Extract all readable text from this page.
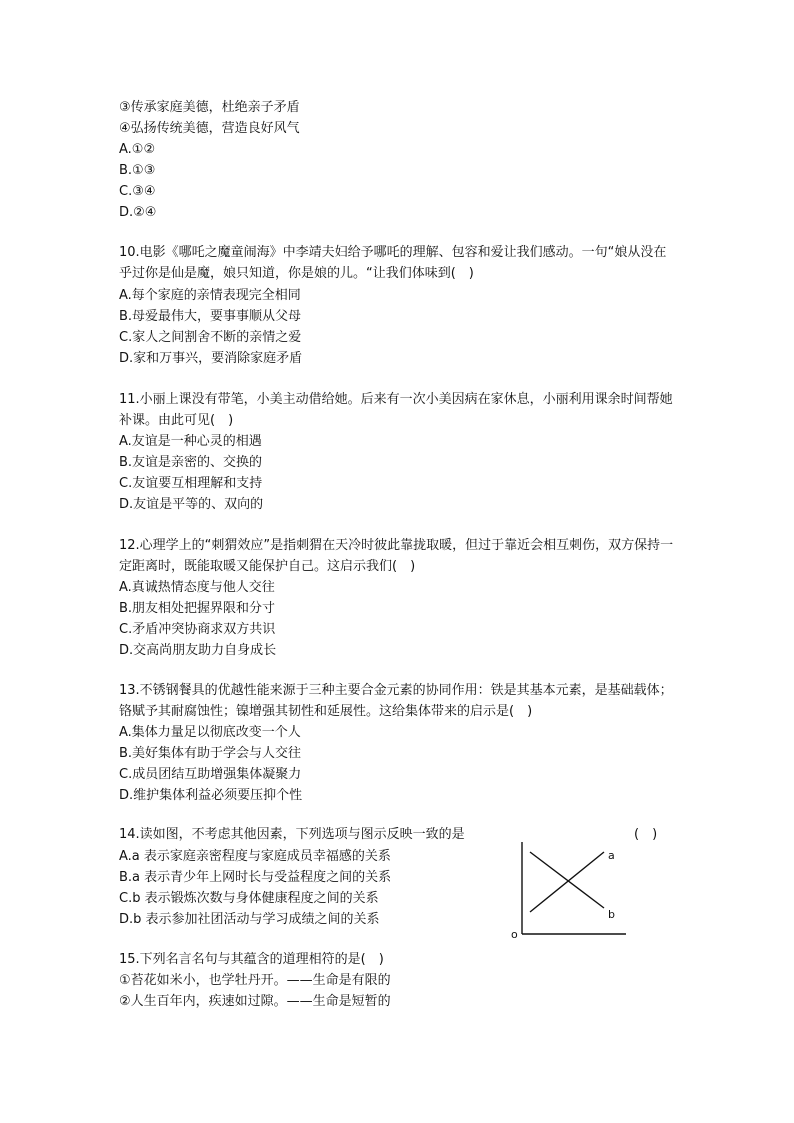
③传承家庭美德，杜绝亲子矛盾
④弘扬传统美德，营造良好风气
A.①②
B.①③
C.③④
D.②④
10.电影《哪吒之魔童闹海》中李靖夫妇给予哪吒的理解、包容和爱让我们感动。一句“娘从没在乎过你是仙是魔，娘只知道，你是娘的儿。“让我们体味到(　)
A.每个家庭的亲情表现完全相同
B.母爱最伟大，要事事顺从父母
C.家人之间割舍不断的亲情之爱
D.家和万事兴，要消除家庭矛盾
11.小丽上课没有带笔，小美主动借给她。后来有一次小美因病在家休息，小丽利用课余时间帮她补课。由此可见(　)
A.友谊是一种心灵的相遇
B.友谊是亲密的、交换的
C.友谊要互相理解和支持
D.友谊是平等的、双向的
12.心理学上的“刺猬效应”是指刺猬在天冷时彼此靠拢取暖，但过于靠近会相互刺伤，双方保持一定距离时，既能取暖又能保护自己。这启示我们(　)
A.真诚热情态度与他人交往
B.朋友相处把握界限和分寸
C.矛盾冲突协商求双方共识
D.交高尚朋友助力自身成长
13.不锈钢餐具的优越性能来源于三种主要合金元素的协同作用：铁是其基本元素，是基础载体；铬赋予其耐腐蚀性；镍增强其韧性和延展性。这给集体带来的启示是(　)
A.集体力量足以彻底改变一个人
B.美好集体有助于学会与人交往
C.成员团结互助增强集体凝聚力
D.维护集体利益必须要压抑个性
14.读如图，不考虑其他因素，下列选项与图示反映一致的是	(　)
A.a 表示家庭亲密程度与家庭成员幸福感的关系
B.a 表示青少年上网时长与受益程度之间的关系
C.b 表示锻炼次数与身体健康程度之间的关系
D.b 表示参加社团活动与学习成绩之间的关系
a
b
o
15.下列名言名句与其蕴含的道理相符的是(　)
①苔花如米小，也学牡丹开。——生命是有限的
②人生百年内，疾速如过隙。——生命是短暂的
